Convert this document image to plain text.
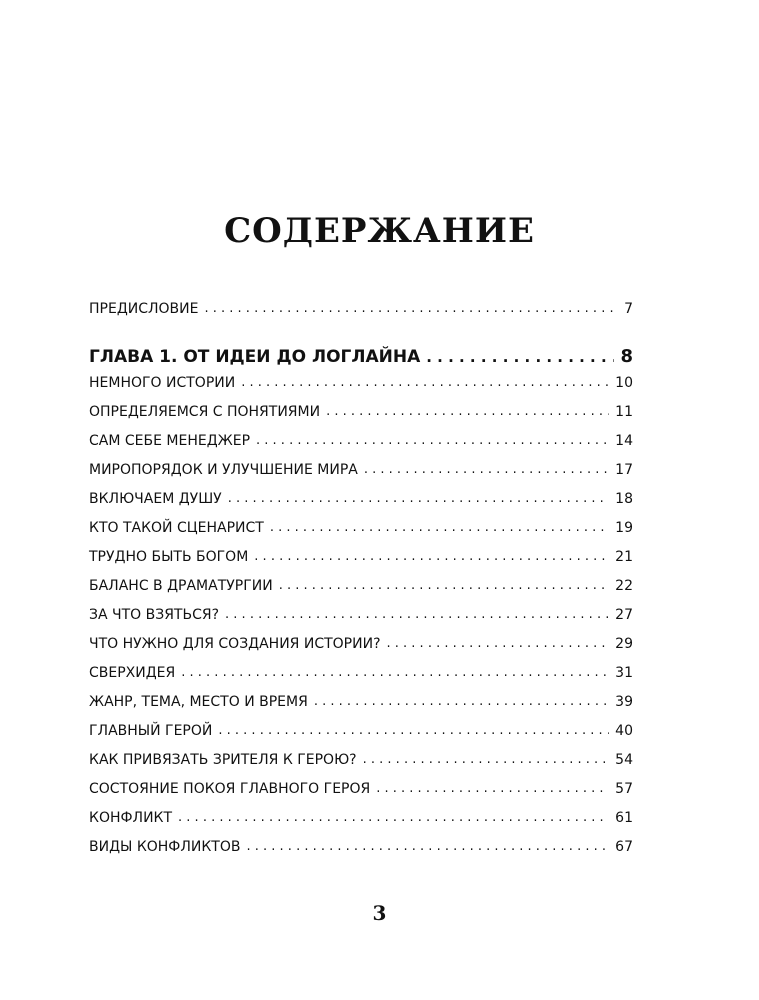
СОДЕРЖАНИЕ
ПРЕДИСЛОВИЕ . . .	7
ГЛАВА 1. ОТ ИДЕИ ДО ЛОГЛАЙНА . . .	8
НЕМНОГО ИСТОРИИ . . .	10
ОПРЕДЕЛЯЕМСЯ С ПОНЯТИЯМИ . . .	11
САМ СЕБЕ МЕНЕДЖЕР . . .	14
МИРОПОРЯДОК И УЛУЧШЕНИЕ МИРА . . .	17
ВКЛЮЧАЕМ ДУШУ . . .	18
КТО ТАКОЙ СЦЕНАРИСТ . . .	19
ТРУДНО БЫТЬ БОГОМ . . .	21
БАЛАНС В ДРАМАТУРГИИ . . .	22
ЗА ЧТО ВЗЯТЬСЯ? . . .	27
ЧТО НУЖНО ДЛЯ СОЗДАНИЯ ИСТОРИИ? . . .	29
СВЕРХИДЕЯ . . .	31
ЖАНР, ТЕМА, МЕСТО И ВРЕМЯ . . .	39
ГЛАВНЫЙ ГЕРОЙ . . .	40
КАК ПРИВЯЗАТЬ ЗРИТЕЛЯ К ГЕРОЮ? . . .	54
СОСТОЯНИЕ ПОКОЯ ГЛАВНОГО ГЕРОЯ . . .	57
КОНФЛИКТ . . .	61
ВИДЫ КОНФЛИКТОВ . . .	67
3
